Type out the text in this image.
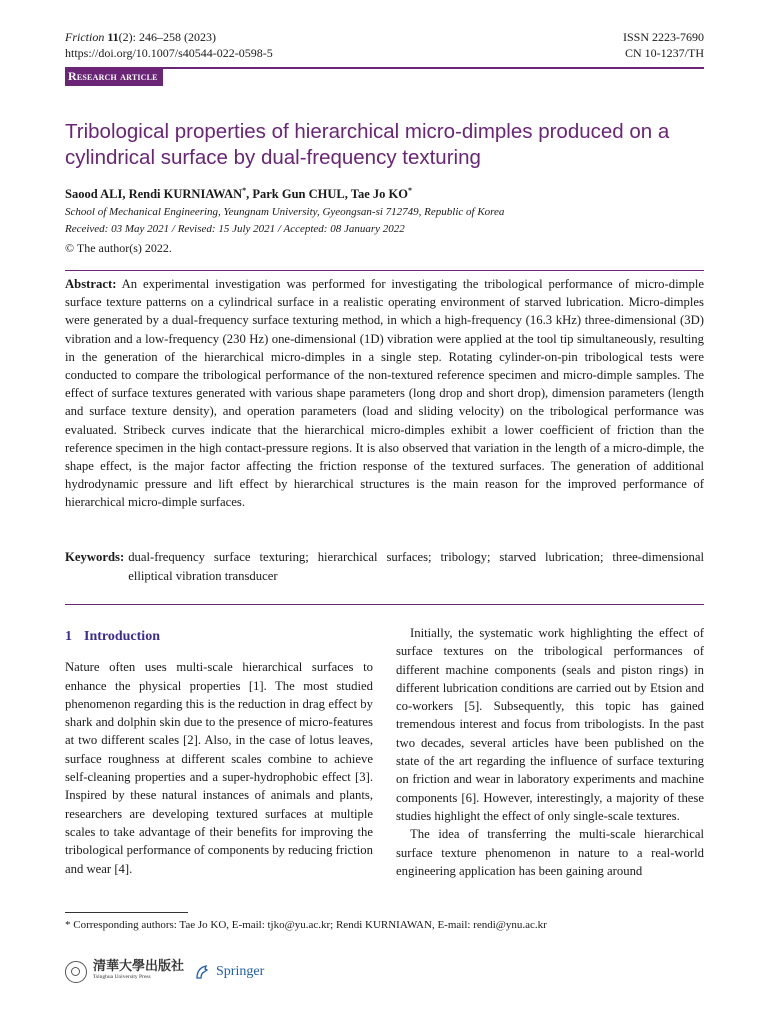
Friction 11(2): 246–258 (2023)
https://doi.org/10.1007/s40544-022-0598-5
ISSN 2223-7690
CN 10-1237/TH
Research article
Tribological properties of hierarchical micro-dimples produced on a cylindrical surface by dual-frequency texturing
Saood ALI, Rendi KURNIAWAN*, Park Gun CHUL, Tae Jo KO*
School of Mechanical Engineering, Yeungnam University, Gyeongsan-si 712749, Republic of Korea
Received: 03 May 2021 / Revised: 15 July 2021 / Accepted: 08 January 2022
© The author(s) 2022.
Abstract: An experimental investigation was performed for investigating the tribological performance of micro-dimple surface texture patterns on a cylindrical surface in a realistic operating environment of starved lubrication. Micro-dimples were generated by a dual-frequency surface texturing method, in which a high-frequency (16.3 kHz) three-dimensional (3D) vibration and a low-frequency (230 Hz) one-dimensional (1D) vibration were applied at the tool tip simultaneously, resulting in the generation of the hierarchical micro-dimples in a single step. Rotating cylinder-on-pin tribological tests were conducted to compare the tribological performance of the non-textured reference specimen and micro-dimple samples. The effect of surface textures generated with various shape parameters (long drop and short drop), dimension parameters (length and surface texture density), and operation parameters (load and sliding velocity) on the tribological performance was evaluated. Stribeck curves indicate that the hierarchical micro-dimples exhibit a lower coefficient of friction than the reference specimen in the high contact-pressure regions. It is also observed that variation in the length of a micro-dimple, the shape effect, is the major factor affecting the friction response of the textured surfaces. The generation of additional hydrodynamic pressure and lift effect by hierarchical structures is the main reason for the improved performance of hierarchical micro-dimple surfaces.
Keywords: dual-frequency surface texturing; hierarchical surfaces; tribology; starved lubrication; three-dimensional elliptical vibration transducer
1 Introduction

Nature often uses multi-scale hierarchical surfaces to enhance the physical properties [1]. The most studied phenomenon regarding this is the reduction in drag effect by shark and dolphin skin due to the presence of micro-features at two different scales [2]. Also, in the case of lotus leaves, surface roughness at different scales combine to achieve self-cleaning properties and a super-hydrophobic effect [3]. Inspired by these natural instances of animals and plants, researchers are developing textured surfaces at multiple scales to take advantage of their benefits for improving the tribological performance of components by reducing friction and wear [4].

Initially, the systematic work highlighting the effect of surface textures on the tribological performances of different machine components (seals and piston rings) in different lubrication conditions are carried out by Etsion and co-workers [5]. Subsequently, this topic has gained tremendous interest and focus from tribologists. In the past two decades, several articles have been published on the state of the art regarding the influence of surface texturing on friction and wear in laboratory experiments and machine components [6]. However, interestingly, a majority of these studies highlight the effect of only single-scale textures.

The idea of transferring the multi-scale hierarchical surface texture phenomenon in nature to a real-world engineering application has been gaining around

* Corresponding authors: Tae Jo KO, E-mail: tjko@yu.ac.kr; Rendi KURNIAWAN, E-mail: rendi@ynu.ac.kr
清華大學出版社
Tsinghua University Press	Springer
